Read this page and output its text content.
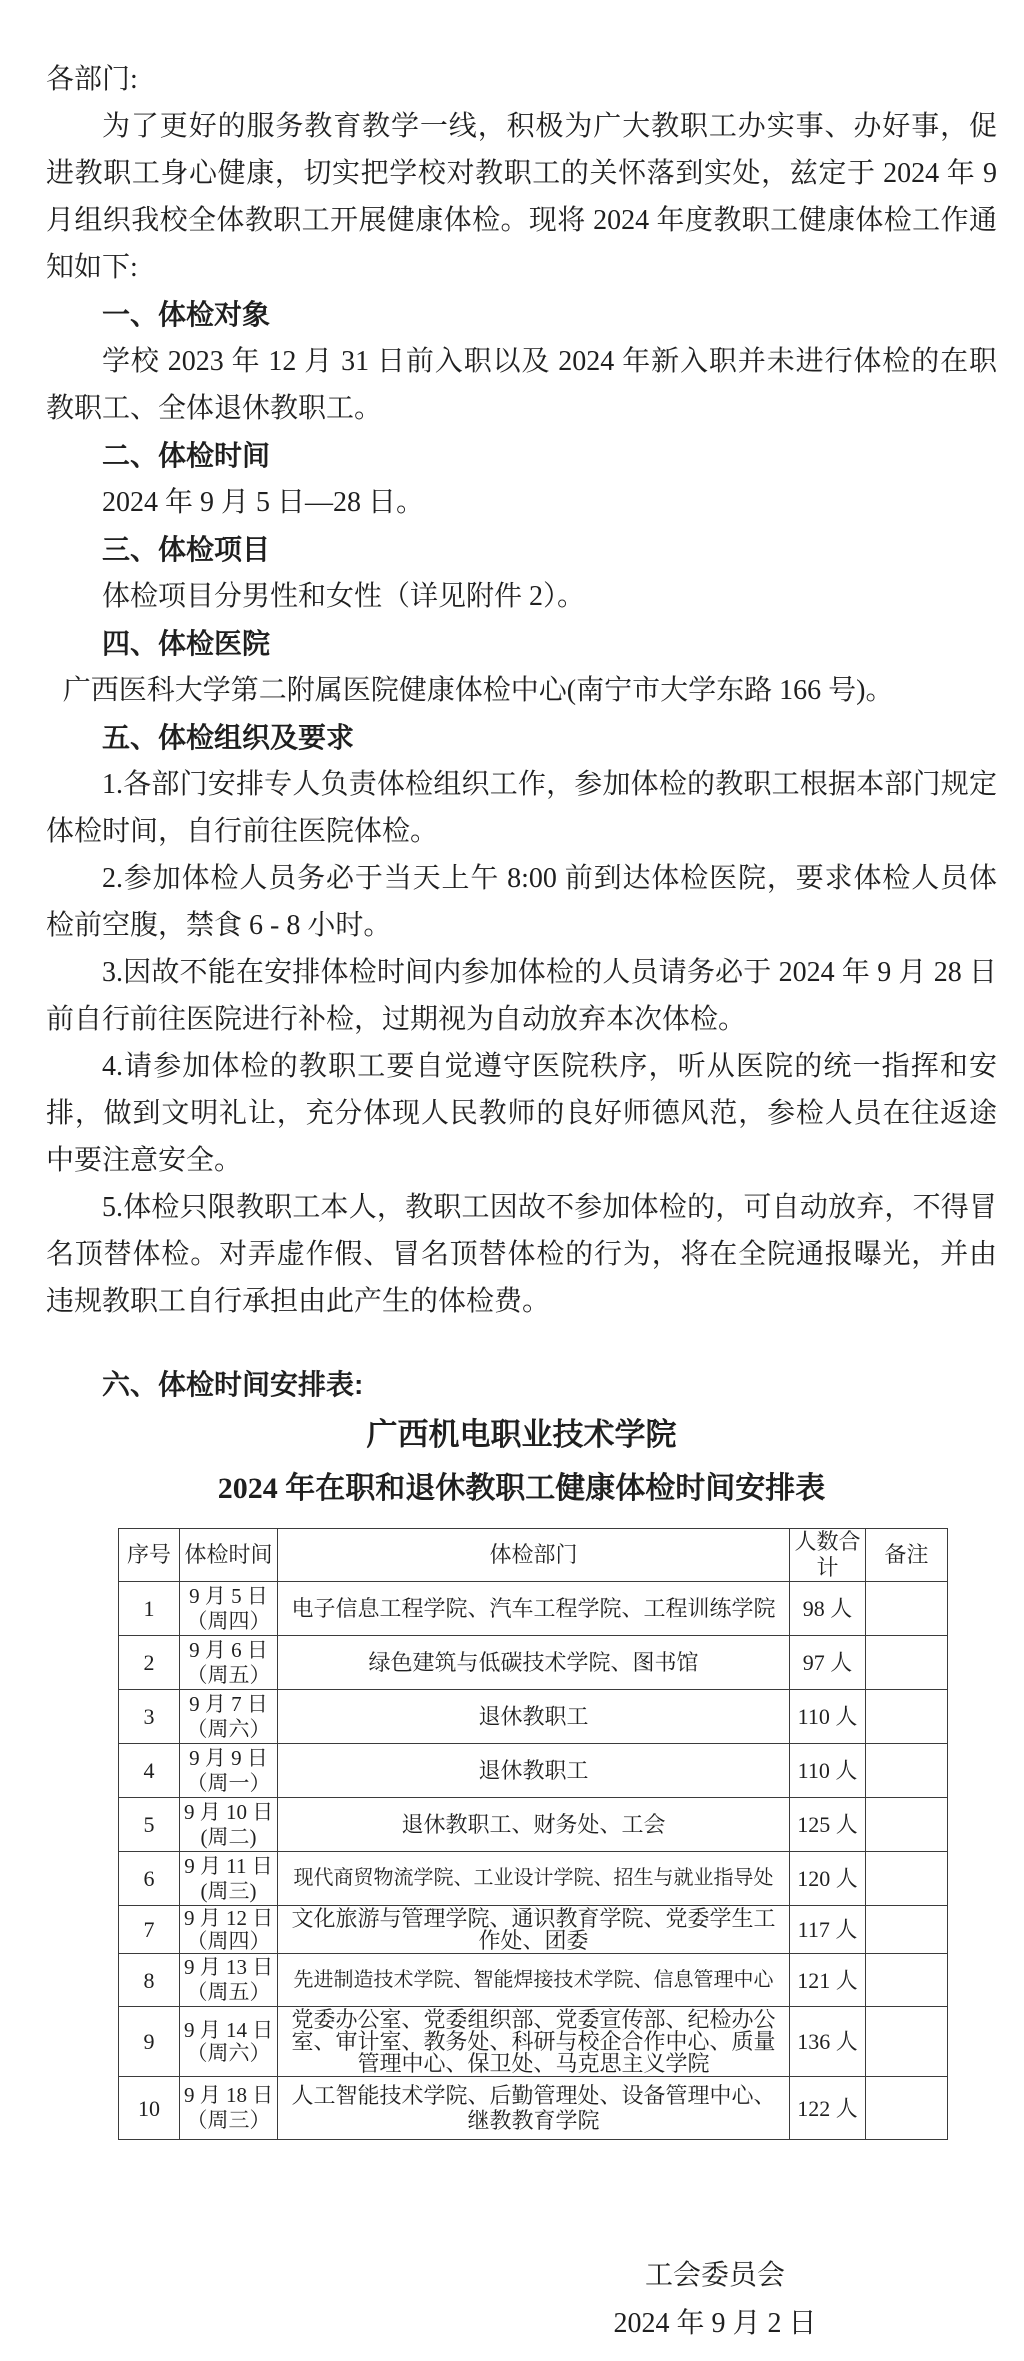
各部门:

为了更好的服务教育教学一线，积极为广大教职工办实事、办好事，促进教职工身心健康，切实把学校对教职工的关怀落到实处，兹定于 2024 年 9 月组织我校全体教职工开展健康体检。现将 2024 年度教职工健康体检工作通知如下:

一、体检对象

学校 2023 年 12 月 31 日前入职以及 2024 年新入职并未进行体检的在职教职工、全体退休教职工。

二、体检时间

2024 年 9 月 5 日—28 日。

三、体检项目

体检项目分男性和女性（详见附件 2）。

四、体检医院

广西医科大学第二附属医院健康体检中心(南宁市大学东路 166 号)。

五、体检组织及要求

1.各部门安排专人负责体检组织工作，参加体检的教职工根据本部门规定体检时间，自行前往医院体检。

2.参加体检人员务必于当天上午 8:00 前到达体检医院，要求体检人员体检前空腹，禁食 6 - 8 小时。

3.因故不能在安排体检时间内参加体检的人员请务必于 2024 年 9 月 28 日前自行前往医院进行补检，过期视为自动放弃本次体检。

4.请参加体检的教职工要自觉遵守医院秩序，听从医院的统一指挥和安排，做到文明礼让，充分体现人民教师的良好师德风范，参检人员在往返途中要注意安全。

5.体检只限教职工本人，教职工因故不参加体检的，可自动放弃，不得冒名顶替体检。对弄虚作假、冒名顶替体检的行为，将在全院通报曝光，并由违规教职工自行承担由此产生的体检费。

六、体检时间安排表:

广西机电职业技术学院

2024 年在职和退休教职工健康体检时间安排表

序号	体检时间	体检部门	人数合计	备注
1	9 月 5 日
（周四）	电子信息工程学院、汽车工程学院、工程训练学院	98 人	
2	9 月 6 日
（周五）	绿色建筑与低碳技术学院、图书馆	97 人	
3	9 月 7 日
（周六）	退休教职工	110 人	
4	9 月 9 日
（周一）	退休教职工	110 人	
5	9 月 10 日
(周二)	退休教职工、财务处、工会	125 人	
6	9 月 11 日
(周三)	现代商贸物流学院、工业设计学院、招生与就业指导处	120 人	
7	9 月 12 日
（周四）	文化旅游与管理学院、通识教育学院、党委学生工作处、团委	117 人	
8	9 月 13 日
（周五）	先进制造技术学院、智能焊接技术学院、信息管理中心	121 人	
9	9 月 14 日
（周六）	党委办公室、党委组织部、党委宣传部、纪检办公室、审计室、教务处、科研与校企合作中心、质量管理中心、保卫处、马克思主义学院	136 人	
10	9 月 18 日
（周三）	人工智能技术学院、后勤管理处、设备管理中心、继教教育学院	122 人	
工会委员会
2024 年 9 月 2 日
